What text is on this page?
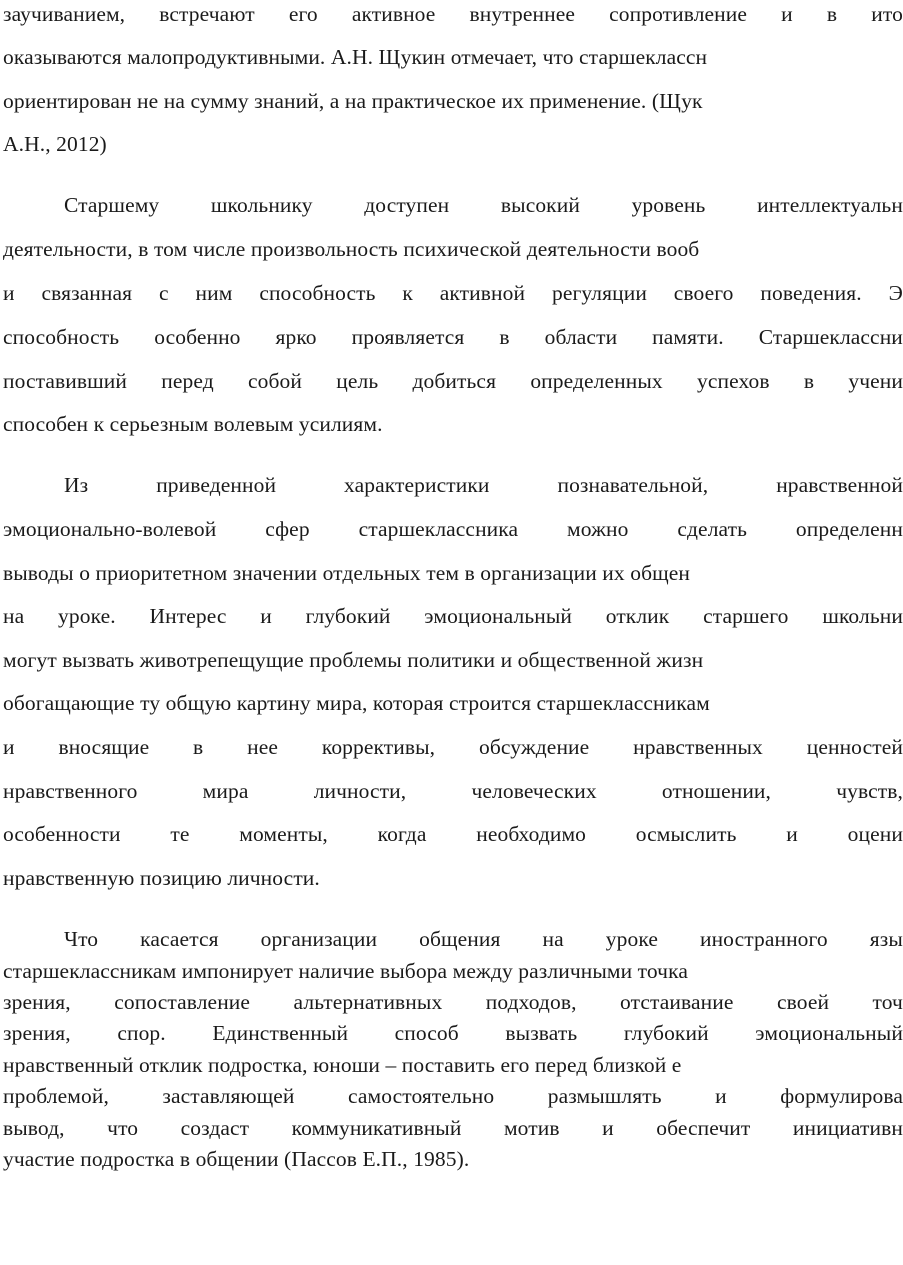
заучиванием, встречают его активное внутреннее сопротивление и в ито
оказываются малопродуктивными. А.Н. Щукин отмечает, что старшеклассн
ориентирован не на сумму знаний, а на практическое их применение. (Щук
А.Н., 2012)
Старшему школьнику доступен высокий уровень интеллектуальн
деятельности, в том числе произвольность психической деятельности вооб
и связанная с ним способность к активной регуляции своего поведения. Э
способность особенно ярко проявляется в области памяти. Старшеклассни
поставивший перед собой цель добиться определенных успехов в учени
способен к серьезным волевым усилиям.
Из	приведенной	характеристики	познавательной,	нравственной
эмоционально-волевой сфер старшеклассника можно сделать определенн
выводы о приоритетном значении отдельных тем в организации их общен
на уроке. Интерес и глубокий эмоциональный отклик старшего школьни
могут вызвать животрепещущие проблемы политики и общественной жизн
обогащающие ту общую картину мира, которая строится старшеклассникам
и вносящие в нее коррективы, обсуждение нравственных ценностей
нравственного	мира	личности,	человеческих	отношении,	чувств,
особенности те моменты, когда необходимо осмыслить и оцени
нравственную позицию личности.
Что касается организации общения на уроке иностранного язы
старшеклассникам импонирует наличие выбора между различными точка
зрения, сопоставление альтернативных подходов, отстаивание своей точ
зрения, спор. Единственный способ вызвать глубокий эмоциональный
нравственный отклик подростка, юноши – поставить его перед близкой е
проблемой, заставляющей самостоятельно размышлять и формулирова
вывод, что создаст коммуникативный мотив и обеспечит инициативн
участие подростка в общении (Пассов Е.П., 1985).
